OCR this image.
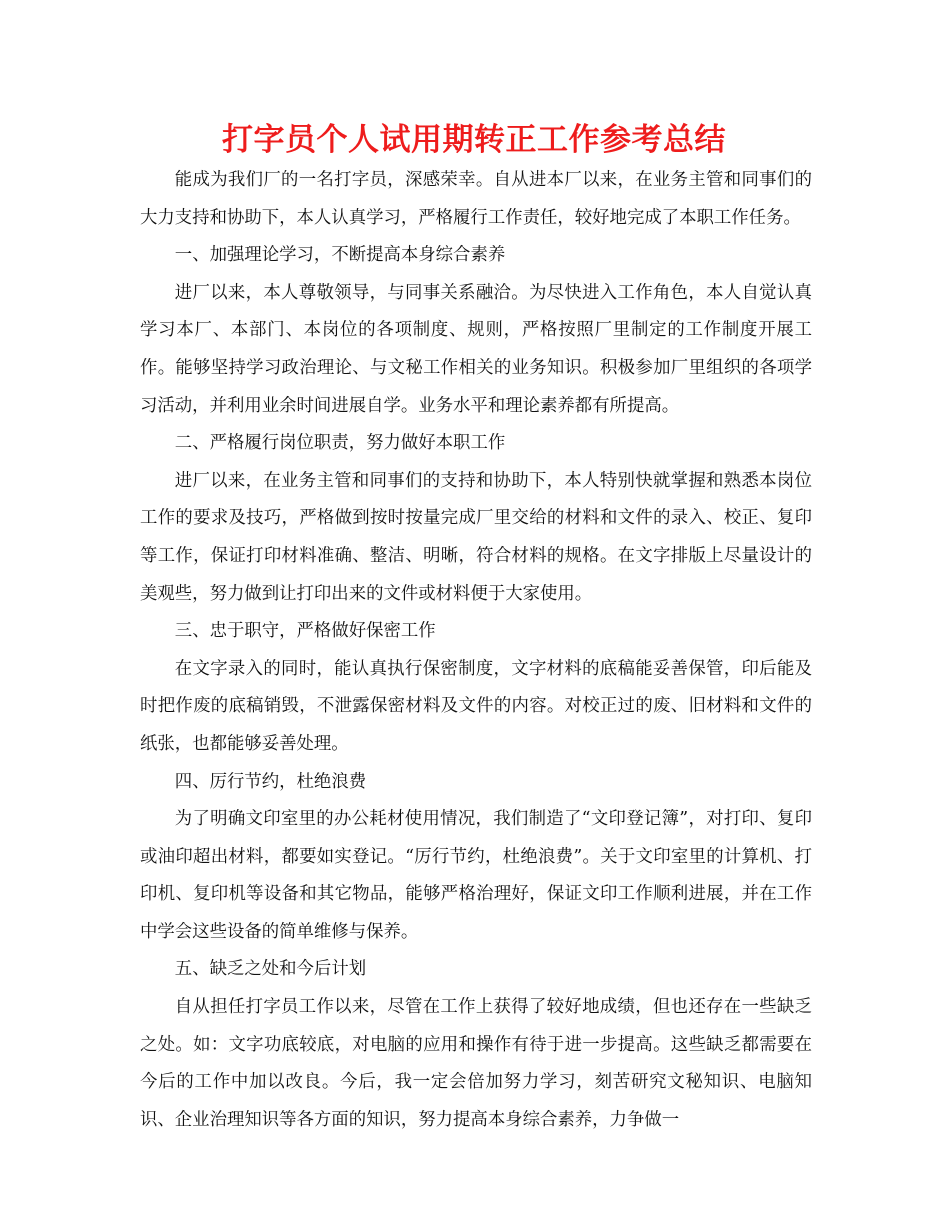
打字员个人试用期转正工作参考总结

能成为我们厂的一名打字员，深感荣幸。自从进本厂以来，在业务主管和同事们的大力支持和协助下，本人认真学习，严格履行工作责任，较好地完成了本职工作任务。

一、加强理论学习，不断提高本身综合素养

进厂以来，本人尊敬领导，与同事关系融洽。为尽快进入工作角色，本人自觉认真学习本厂、本部门、本岗位的各项制度、规则，严格按照厂里制定的工作制度开展工作。能够坚持学习政治理论、与文秘工作相关的业务知识。积极参加厂里组织的各项学习活动，并利用业余时间进展自学。业务水平和理论素养都有所提高。

二、严格履行岗位职责，努力做好本职工作

进厂以来，在业务主管和同事们的支持和协助下，本人特别快就掌握和熟悉本岗位工作的要求及技巧，严格做到按时按量完成厂里交给的材料和文件的录入、校正、复印等工作，保证打印材料准确、整洁、明晰，符合材料的规格。在文字排版上尽量设计的美观些，努力做到让打印出来的文件或材料便于大家使用。

三、忠于职守，严格做好保密工作

在文字录入的同时，能认真执行保密制度，文字材料的底稿能妥善保管，印后能及时把作废的底稿销毁，不泄露保密材料及文件的内容。对校正过的废、旧材料和文件的纸张，也都能够妥善处理。

四、厉行节约，杜绝浪费

为了明确文印室里的办公耗材使用情况，我们制造了“文印登记簿”，对打印、复印或油印超出材料，都要如实登记。“厉行节约，杜绝浪费”。关于文印室里的计算机、打印机、复印机等设备和其它物品，能够严格治理好，保证文印工作顺利进展，并在工作中学会这些设备的简单维修与保养。

五、缺乏之处和今后计划

自从担任打字员工作以来，尽管在工作上获得了较好地成绩，但也还存在一些缺乏之处。如：文字功底较底，对电脑的应用和操作有待于进一步提高。这些缺乏都需要在今后的工作中加以改良。今后，我一定会倍加努力学习，刻苦研究文秘知识、电脑知识、企业治理知识等各方面的知识，努力提高本身综合素养，力争做一
